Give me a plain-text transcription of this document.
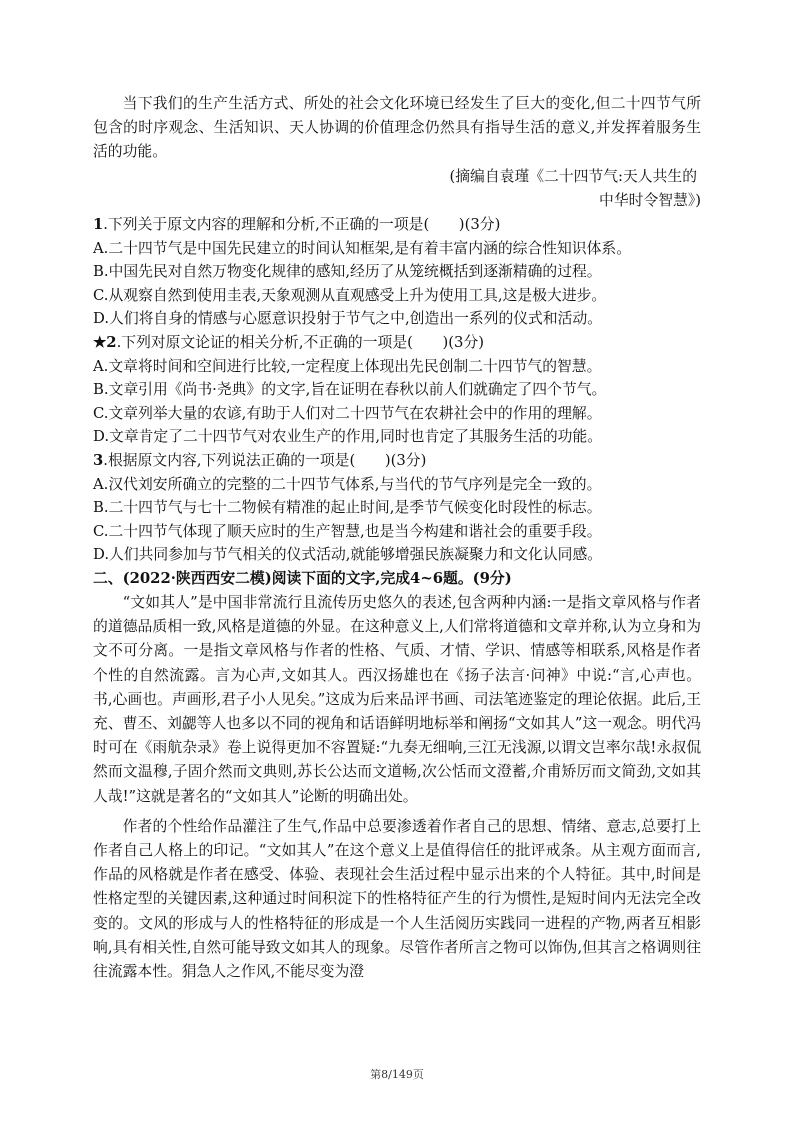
当下我们的生产生活方式、所处的社会文化环境已经发生了巨大的变化,但二十四节气所包含的时序观念、生活知识、天人协调的价值理念仍然具有指导生活的意义,并发挥着服务生活的功能。

(摘编自袁瑾《二十四节气:天人共生的

中华时令智慧》)

1.下列关于原文内容的理解和分析,不正确的一项是(　　)(3分)

A.二十四节气是中国先民建立的时间认知框架,是有着丰富内涵的综合性知识体系。

B.中国先民对自然万物变化规律的感知,经历了从笼统概括到逐渐精确的过程。

C.从观察自然到使用圭表,天象观测从直观感受上升为使用工具,这是极大进步。

D.人们将自身的情感与心愿意识投射于节气之中,创造出一系列的仪式和活动。

★2.下列对原文论证的相关分析,不正确的一项是(　　)(3分)

A.文章将时间和空间进行比较,一定程度上体现出先民创制二十四节气的智慧。

B.文章引用《尚书·尧典》的文字,旨在证明在春秋以前人们就确定了四个节气。

C.文章列举大量的农谚,有助于人们对二十四节气在农耕社会中的作用的理解。

D.文章肯定了二十四节气对农业生产的作用,同时也肯定了其服务生活的功能。

3.根据原文内容,下列说法正确的一项是(　　)(3分)

A.汉代刘安所确立的完整的二十四节气体系,与当代的节气序列是完全一致的。

B.二十四节气与七十二物候有精准的起止时间,是季节气候变化时段性的标志。

C.二十四节气体现了顺天应时的生产智慧,也是当今构建和谐社会的重要手段。

D.人们共同参加与节气相关的仪式活动,就能够增强民族凝聚力和文化认同感。

二、(2022·陕西西安二模)阅读下面的文字,完成4~6题。(9分)

“文如其人”是中国非常流行且流传历史悠久的表述,包含两种内涵:一是指文章风格与作者的道德品质相一致,风格是道德的外显。在这种意义上,人们常将道德和文章并称,认为立身和为文不可分离。一是指文章风格与作者的性格、气质、才情、学识、情感等相联系,风格是作者个性的自然流露。言为心声,文如其人。西汉扬雄也在《扬子法言·问神》中说:“言,心声也。书,心画也。声画形,君子小人见矣。”这成为后来品评书画、司法笔迹鉴定的理论依据。此后,王充、曹丕、刘勰等人也多以不同的视角和话语鲜明地标举和阐扬“文如其人”这一观念。明代冯时可在《雨航杂录》卷上说得更加不容置疑:“九奏无细响,三江无浅源,以谓文岂率尔哉!永叔侃然而文温穆,子固介然而文典则,苏长公达而文道畅,次公恬而文澄蓄,介甫矫厉而文简劲,文如其人哉!”这就是著名的“文如其人”论断的明确出处。

作者的个性给作品灌注了生气,作品中总要渗透着作者自己的思想、情绪、意志,总要打上作者自己人格上的印记。“文如其人”在这个意义上是值得信任的批评戒条。从主观方面而言,作品的风格就是作者在感受、体验、表现社会生活过程中显示出来的个人特征。其中,时间是性格定型的关键因素,这种通过时间积淀下的性格特征产生的行为惯性,是短时间内无法完全改变的。文风的形成与人的性格特征的形成是一个人生活阅历实践同一进程的产物,两者互相影响,具有相关性,自然可能导致文如其人的现象。尽管作者所言之物可以饰伪,但其言之格调则往往流露本性。狷急人之作风,不能尽变为澄

第8/149页
